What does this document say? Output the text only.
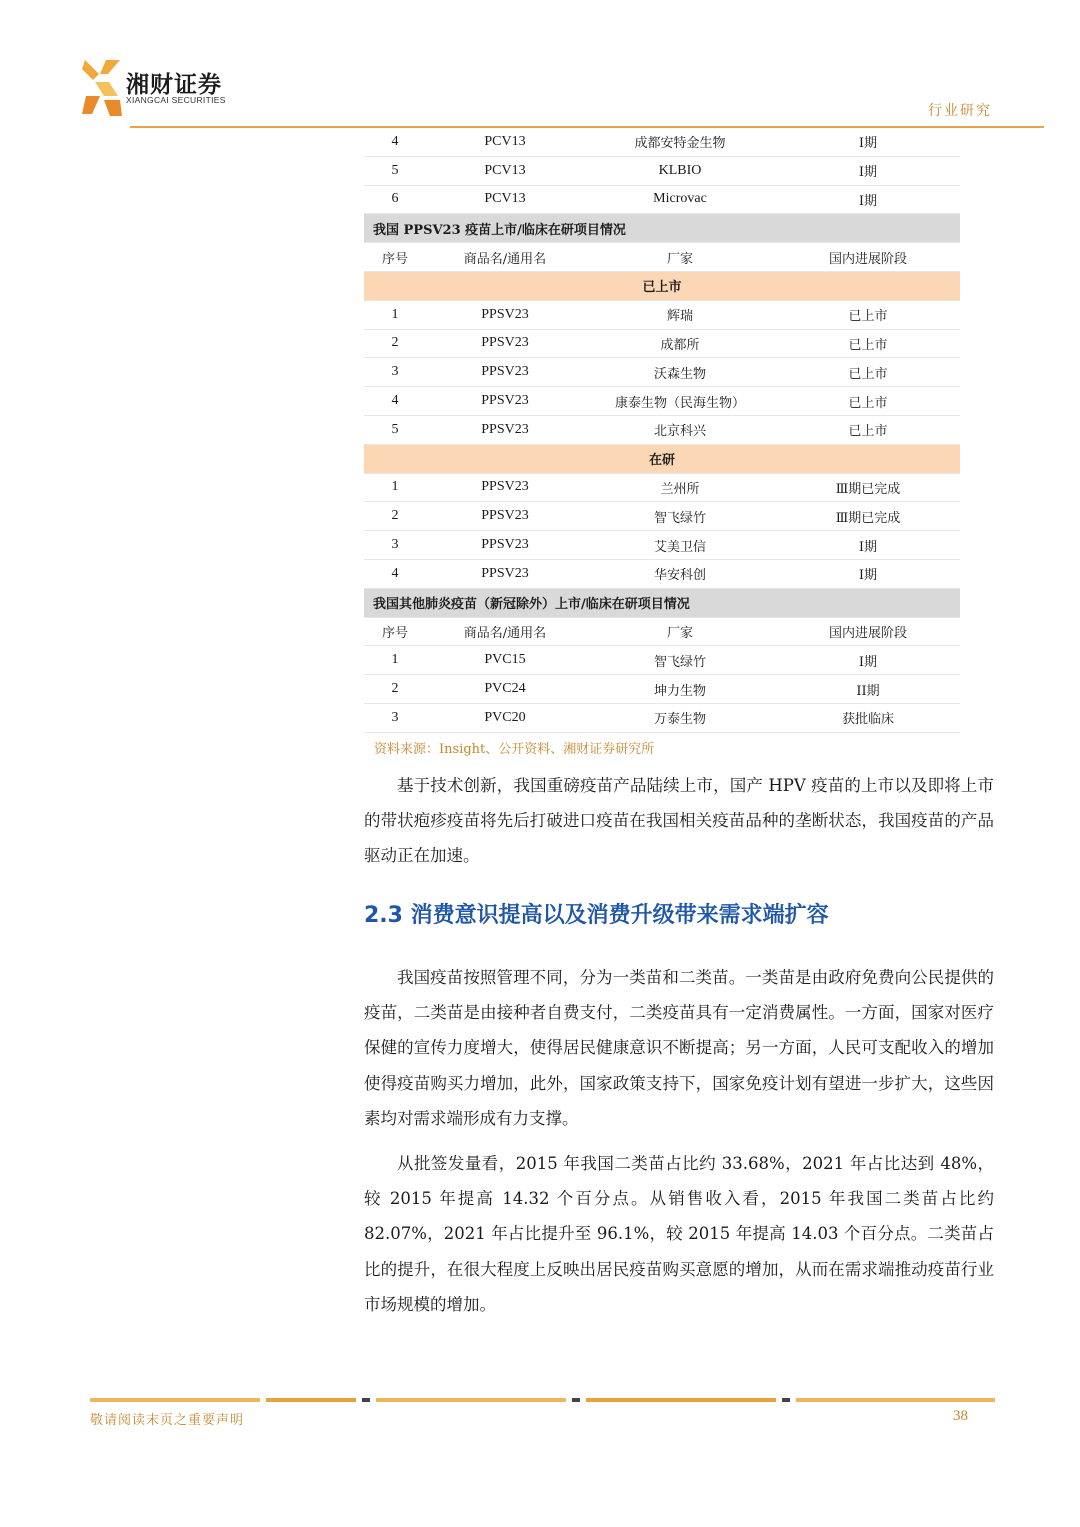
湘财证券
XIANGCAI SECURITIES
行业研究
4	PCV13	成都安特金生物	I期
5	PCV13	KLBIO	I期
6	PCV13	Microvac	I期
我国 PPSV23 疫苗上市/临床在研项目情况			
序号	商品名/通用名	厂家	国内进展阶段
已上市			
1	PPSV23	辉瑞	已上市
2	PPSV23	成都所	已上市
3	PPSV23	沃森生物	已上市
4	PPSV23	康泰生物（民海生物）	已上市
5	PPSV23	北京科兴	已上市
在研			
1	PPSV23	兰州所	Ⅲ期已完成
2	PPSV23	智飞绿竹	Ⅲ期已完成
3	PPSV23	艾美卫信	Ⅰ期
4	PPSV23	华安科创	Ⅰ期
我国其他肺炎疫苗（新冠除外）上市/临床在研项目情况			
序号	商品名/通用名	厂家	国内进展阶段
1	PVC15	智飞绿竹	I期
2	PVC24	坤力生物	II期
3	PVC20	万泰生物	获批临床
资料来源：Insight、公开资料、湘财证券研究所

基于技术创新，我国重磅疫苗产品陆续上市，国产 HPV 疫苗的上市以及即将上市的带状疱疹疫苗将先后打破进口疫苗在我国相关疫苗品种的垄断状态，我国疫苗的产品驱动正在加速。

2.3 消费意识提高以及消费升级带来需求端扩容

我国疫苗按照管理不同，分为一类苗和二类苗。一类苗是由政府免费向公民提供的疫苗，二类苗是由接种者自费支付，二类疫苗具有一定消费属性。一方面，国家对医疗保健的宣传力度增大，使得居民健康意识不断提高；另一方面，人民可支配收入的增加使得疫苗购买力增加，此外，国家政策支持下，国家免疫计划有望进一步扩大，这些因素均对需求端形成有力支撑。

从批签发量看，2015 年我国二类苗占比约 33.68%，2021 年占比达到 48%，较 2015 年提高 14.32 个百分点。从销售收入看，2015 年我国二类苗占比约 82.07%，2021 年占比提升至 96.1%，较 2015 年提高 14.03 个百分点。二类苗占比的提升，在很大程度上反映出居民疫苗购买意愿的增加，从而在需求端推动疫苗行业市场规模的增加。

敬请阅读末页之重要声明	38
